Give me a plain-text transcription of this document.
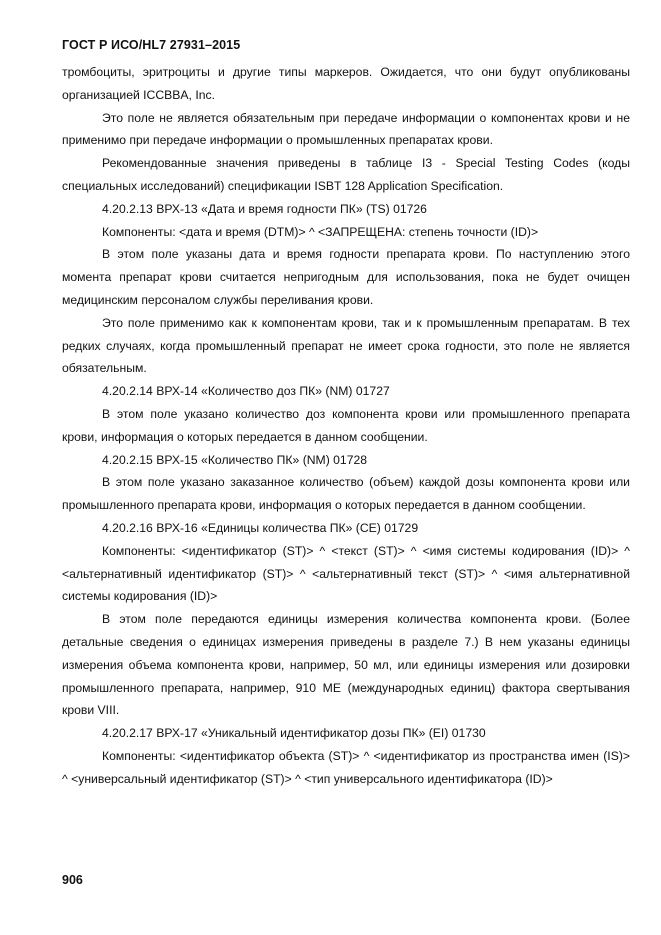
ГОСТ Р ИСО/HL7 27931–2015

тромбоциты, эритроциты и другие типы маркеров. Ожидается, что они будут опубликованы организацией ICCBBA, Inc.

Это поле не является обязательным при передаче информации о компонентах крови и не применимо при передаче информации о промышленных препаратах крови.

Рекомендованные значения приведены в таблице I3 - Special Testing Codes (коды специальных исследований) спецификации ISBT 128 Application Specification.

4.20.2.13 ВРХ-13 «Дата и время годности ПК» (TS) 01726

Компоненты: <дата и время (DTM)> ^ <ЗАПРЕЩЕНА: степень точности (ID)>

В этом поле указаны дата и время годности препарата крови. По наступлению этого момента препарат крови считается непригодным для использования, пока не будет очищен медицинским персоналом службы переливания крови.

Это поле применимо как к компонентам крови, так и к промышленным препаратам. В тех редких случаях, когда промышленный препарат не имеет срока годности, это поле не является обязательным.

4.20.2.14 ВРХ-14 «Количество доз ПК» (NM) 01727

В этом поле указано количество доз компонента крови или промышленного препарата крови, информация о которых передается в данном сообщении.

4.20.2.15 ВРХ-15 «Количество ПК» (NM) 01728

В этом поле указано заказанное количество (объем) каждой дозы компонента крови или промышленного препарата крови, информация о которых передается в данном сообщении.

4.20.2.16 ВРХ-16 «Единицы количества ПК» (CE) 01729

Компоненты: <идентификатор (ST)> ^ <текст (ST)> ^ <имя системы кодирования (ID)> ^ <альтернативный идентификатор (ST)> ^ <альтернативный текст (ST)> ^ <имя альтернативной системы кодирования (ID)>

В этом поле передаются единицы измерения количества компонента крови. (Более детальные сведения о единицах измерения приведены в разделе 7.) В нем указаны единицы измерения объема компонента крови, например, 50 мл, или единицы измерения или дозировки промышленного препарата, например, 910 МЕ (международных единиц) фактора свертывания крови VIII.

4.20.2.17 ВРХ-17 «Уникальный идентификатор дозы ПК» (EI) 01730

Компоненты: <идентификатор объекта (ST)> ^ <идентификатор из пространства имен (IS)> ^ <универсальный идентификатор (ST)> ^ <тип универсального идентификатора (ID)>

906
